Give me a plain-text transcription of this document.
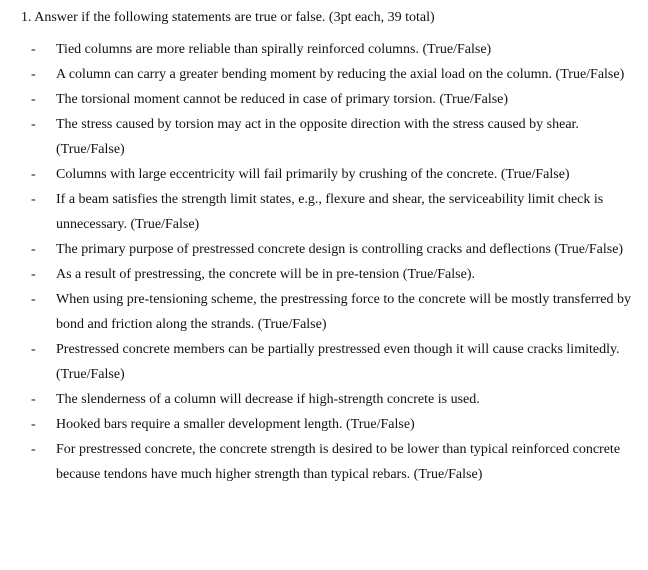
1. Answer if the following statements are true or false. (3pt each, 39 total)
- Tied columns are more reliable than spirally reinforced columns. (True/False)
- A column can carry a greater bending moment by reducing the axial load on the column. (True/False)
- The torsional moment cannot be reduced in case of primary torsion. (True/False)
- The stress caused by torsion may act in the opposite direction with the stress caused by shear. (True/False)
- Columns with large eccentricity will fail primarily by crushing of the concrete. (True/False)
- If a beam satisfies the strength limit states, e.g., flexure and shear, the serviceability limit check is unnecessary. (True/False)
- The primary purpose of prestressed concrete design is controlling cracks and deflections (True/False)
- As a result of prestressing, the concrete will be in pre-tension (True/False).
- When using pre-tensioning scheme, the prestressing force to the concrete will be mostly transferred by bond and friction along the strands. (True/False)
- Prestressed concrete members can be partially prestressed even though it will cause cracks limitedly. (True/False)
- The slenderness of a column will decrease if high-strength concrete is used.
- Hooked bars require a smaller development length. (True/False)
- For prestressed concrete, the concrete strength is desired to be lower than typical reinforced concrete because tendons have much higher strength than typical rebars. (True/False)
